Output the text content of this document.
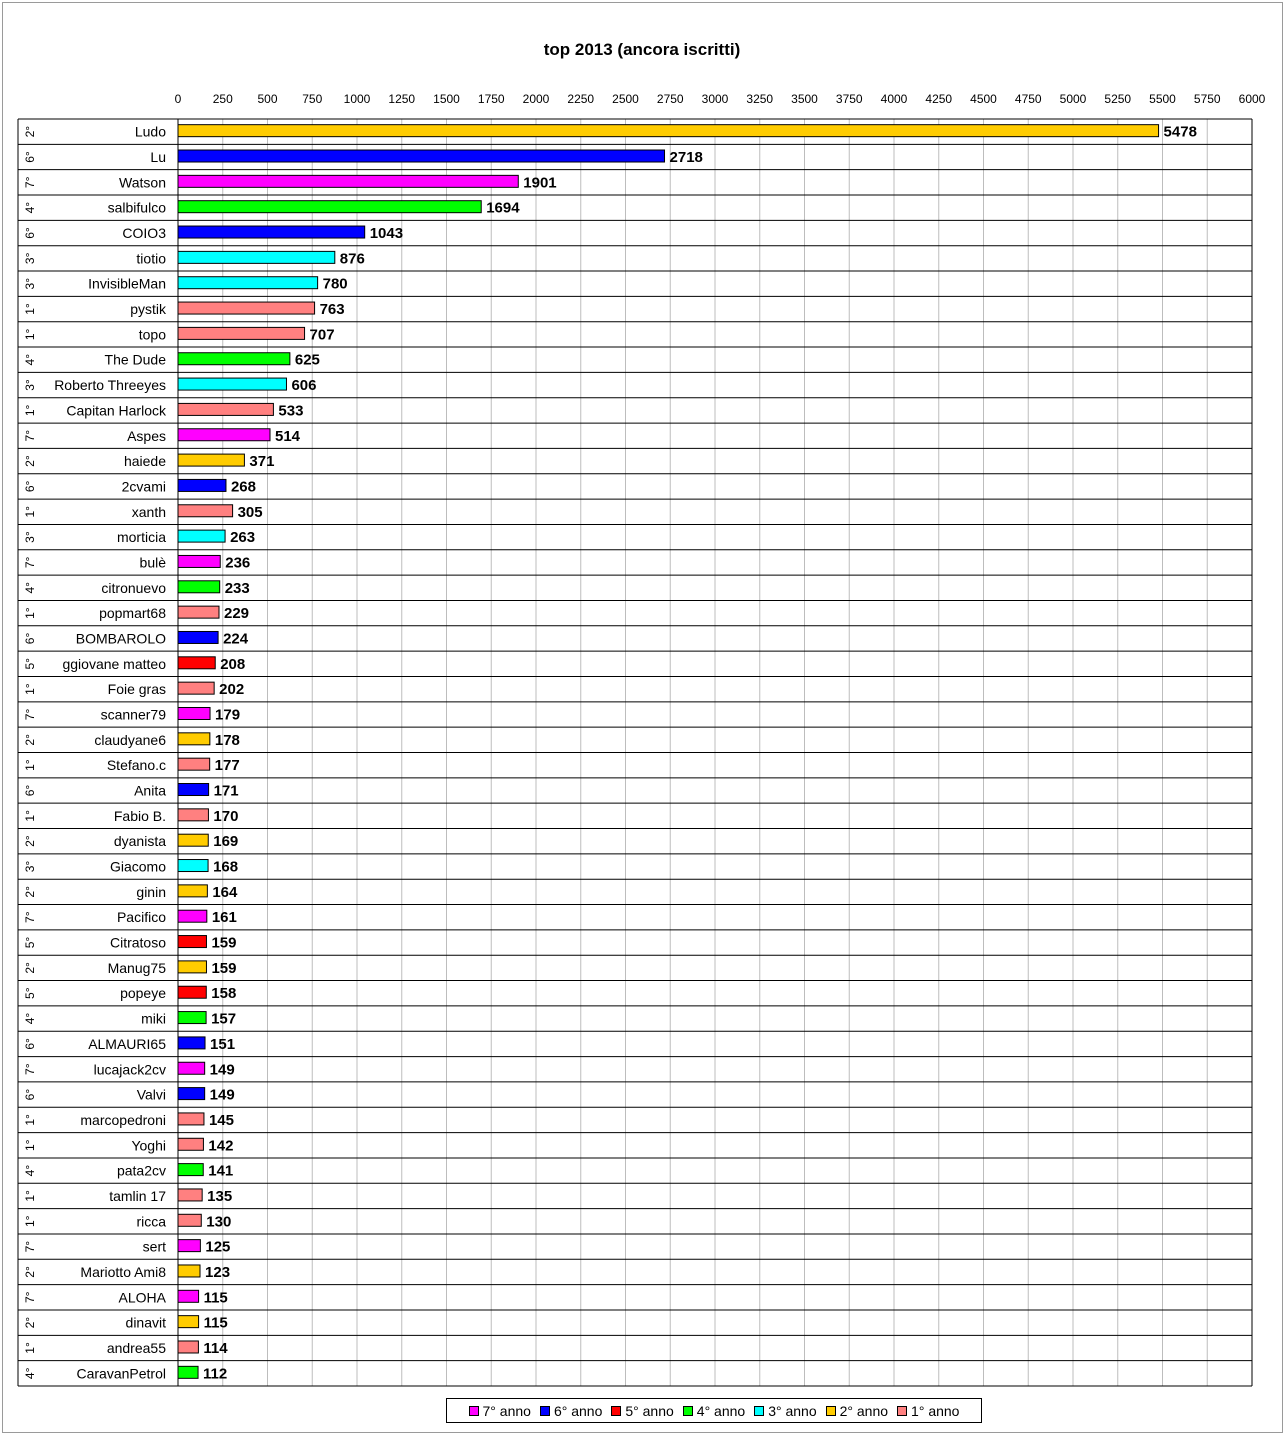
top 2013 (ancora iscritti)
0	250 500 750 1000 1250 1500 1750 2000 2250 2500 2750 3000 3250 3500 3750 4000 4250 4500 4750 5000 5250 5500 5750 6000
2°	Ludo	5478
6°	Lu	2718
7°	Watson	1901
4°	salbifulco	1694
6°	COIO3	1043
3°	tiotio	876
3°	InvisibleMan	780
1°	pystik	763
1°	topo	707
4°	The Dude	625
3° Roberto Threeyes	606
1° Capitan Harlock	533
7°	Aspes	514
2°	haiede	371
6°	2cvami	268
1°	xanth	305
3°	morticia	263
7°	bulè	236
4°	citronuevo	233
1°	popmart68	229
6°	BOMBAROLO	224
5° ggiovane matteo	208
1°	Foie gras	202
7°	scanner79	179
2°	claudyane6	178
1°	Stefano.c	177
6°	Anita	171
1°	Fabio B.	170
2°	dyanista	169
3°	Giacomo	168
2°	ginin	164
7°	Pacifico	161
5°	Citratoso	159
2°	Manug75	159
5°	popeye	158
4°	miki	157
6°	ALMAURI65	151
7°	lucajack2cv	149
6°	Valvi	149
1°	marcopedroni	145
1°	Yoghi	142
4°	pata2cv	141
1°	tamlin 17	135
1°	ricca	130
7°	sert	125
2°	Mariotto Ami8	123
7°	ALOHA	115
2°	dinavit	115
1°	andrea55 114
4°	CaravanPetrol 112
7° anno 6° anno 5° anno 4° anno 3° anno 2° anno 1° anno
